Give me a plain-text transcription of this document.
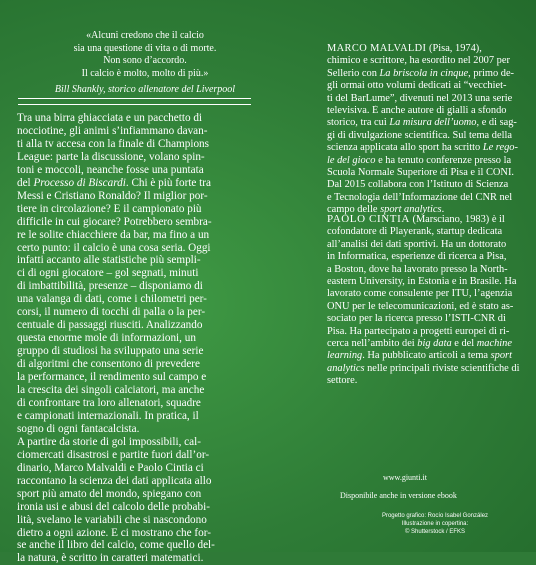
«Alcuni credono che il calcio
sia una questione di vita o di morte.
Non sono d’accordo.
Il calcio è molto, molto di più.»
Bill Shankly, storico allenatore del Liverpool
Tra una birra ghiacciata e un pacchetto di
nocciotine, gli animi s’infiammano davan-
ti alla tv accesa con la finale di Champions
League: parte la discussione, volano spin-
toni e moccoli, neanche fosse una puntata
del Processo di Biscardi. Chi è più forte tra
Messi e Cristiano Ronaldo? Il miglior por-
tiere in circolazione? E il campionato più
difficile in cui giocare? Potrebbero sembra-
re le solite chiacchiere da bar, ma fino a un
certo punto: il calcio è una cosa seria. Oggi
infatti accanto alle statistiche più sempli-
ci di ogni giocatore – gol segnati, minuti
di imbattibilità, presenze – disponiamo di
una valanga di dati, come i chilometri per-
corsi, il numero di tocchi di palla o la per-
centuale di passaggi riusciti. Analizzando
questa enorme mole di informazioni, un
gruppo di studiosi ha sviluppato una serie
di algoritmi che consentono di prevedere
la performance, il rendimento sul campo e
la crescita dei singoli calciatori, ma anche
di confrontare tra loro allenatori, squadre
e campionati internazionali. In pratica, il
sogno di ogni fantacalcista.
A partire da storie di gol impossibili, cal-
ciomercati disastrosi e partite fuori dall’or-
dinario, Marco Malvaldi e Paolo Cintia ci
raccontano la scienza dei dati applicata allo
sport più amato del mondo, spiegano con
ironia usi e abusi del calcolo delle probabi-
lità, svelano le variabili che si nascondono
dietro a ogni azione. E ci mostrano che for-
se anche il libro del calcio, come quello del-
la natura, è scritto in caratteri matematici.
MARCO MALVALDI (Pisa, 1974),
chimico e scrittore, ha esordito nel 2007 per
Sellerio con La briscola in cinque, primo de-
gli ormai otto volumi dedicati ai “vecchiet-
ti del BarLume”, divenuti nel 2013 una serie
televisiva. È anche autore di gialli a sfondo
storico, tra cui La misura dell’uomo, e di sag-
gi di divulgazione scientifica. Sul tema della
scienza applicata allo sport ha scritto Le rego-
le del gioco e ha tenuto conferenze presso la
Scuola Normale Superiore di Pisa e il CONI.
Dal 2015 collabora con l’Istituto di Scienza
e Tecnologia dell’Informazione del CNR nel
campo delle sport analytics.
PAOLO CINTIA (Marsciano, 1983) è il
cofondatore di Playerank, startup dedicata
all’analisi dei dati sportivi. Ha un dottorato
in Informatica, esperienze di ricerca a Pisa,
a Boston, dove ha lavorato presso la North-
eastern University, in Estonia e in Brasile. Ha
lavorato come consulente per ITU, l’agenzia
ONU per le telecomunicazioni, ed è stato as-
sociato per la ricerca presso l’ISTI-CNR di
Pisa. Ha partecipato a progetti europei di ri-
cerca nell’ambito dei big data e del machine
learning. Ha pubblicato articoli a tema sport
analytics nelle principali riviste scientifiche di
settore.
www.giunti.it
Disponibile anche in versione ebook
Progetto grafico: Rocío Isabel González
Illustrazione in copertina:
© Shutterstock / EFKS
